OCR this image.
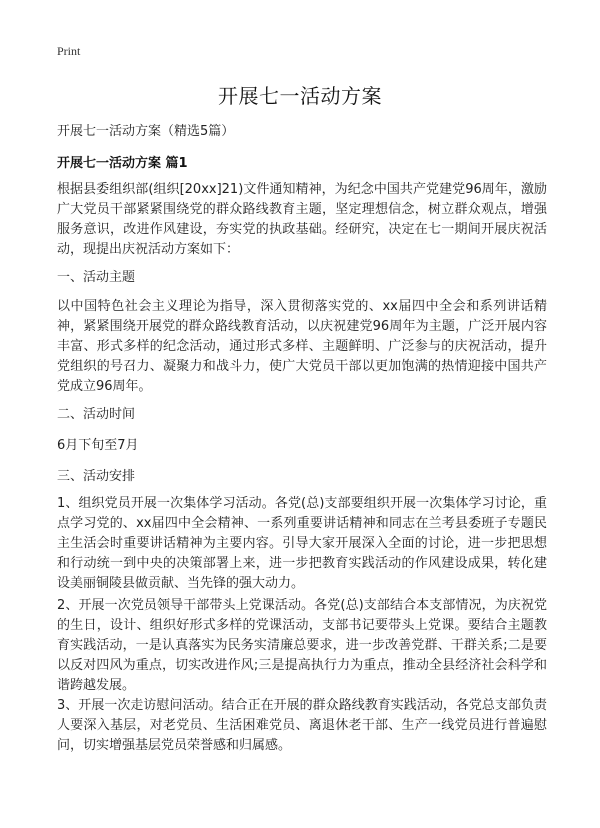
Print
开展七一活动方案
开展七一活动方案（精选5篇）
开展七一活动方案 篇1

根据县委组织部(组织[20xx]21)文件通知精神，为纪念中国共产党建党96周年，激励广大党员干部紧紧围绕党的群众路线教育主题，坚定理想信念，树立群众观点，增强服务意识，改进作风建设，夯实党的执政基础。经研究，决定在七一期间开展庆祝活动，现提出庆祝活动方案如下：

一、活动主题

以中国特色社会主义理论为指导，深入贯彻落实党的、xx届四中全会和系列讲话精神，紧紧围绕开展党的群众路线教育活动，以庆祝建党96周年为主题，广泛开展内容丰富、形式多样的纪念活动，通过形式多样、主题鲜明、广泛参与的庆祝活动，提升党组织的号召力、凝聚力和战斗力，使广大党员干部以更加饱满的热情迎接中国共产党成立96周年。

二、活动时间
6月下旬至7月
三、活动安排

1、组织党员开展一次集体学习活动。各党(总)支部要组织开展一次集体学习讨论，重点学习党的、xx届四中全会精神、一系列重要讲话精神和同志在兰考县委班子专题民主生活会时重要讲话精神为主要内容。引导大家开展深入全面的讨论，进一步把思想和行动统一到中央的决策部署上来，进一步把教育实践活动的作风建设成果，转化建设美丽铜陵县做贡献、当先锋的强大动力。

2、开展一次党员领导干部带头上党课活动。各党(总)支部结合本支部情况，为庆祝党的生日，设计、组织好形式多样的党课活动，支部书记要带头上党课。要结合主题教育实践活动，一是认真落实为民务实清廉总要求，进一步改善党群、干群关系;二是要以反对四风为重点，切实改进作风;三是提高执行力为重点，推动全县经济社会科学和谐跨越发展。

3、开展一次走访慰问活动。结合正在开展的群众路线教育实践活动，各党总支部负责人要深入基层，对老党员、生活困难党员、离退休老干部、生产一线党员进行普遍慰问，切实增强基层党员荣誉感和归属感。
